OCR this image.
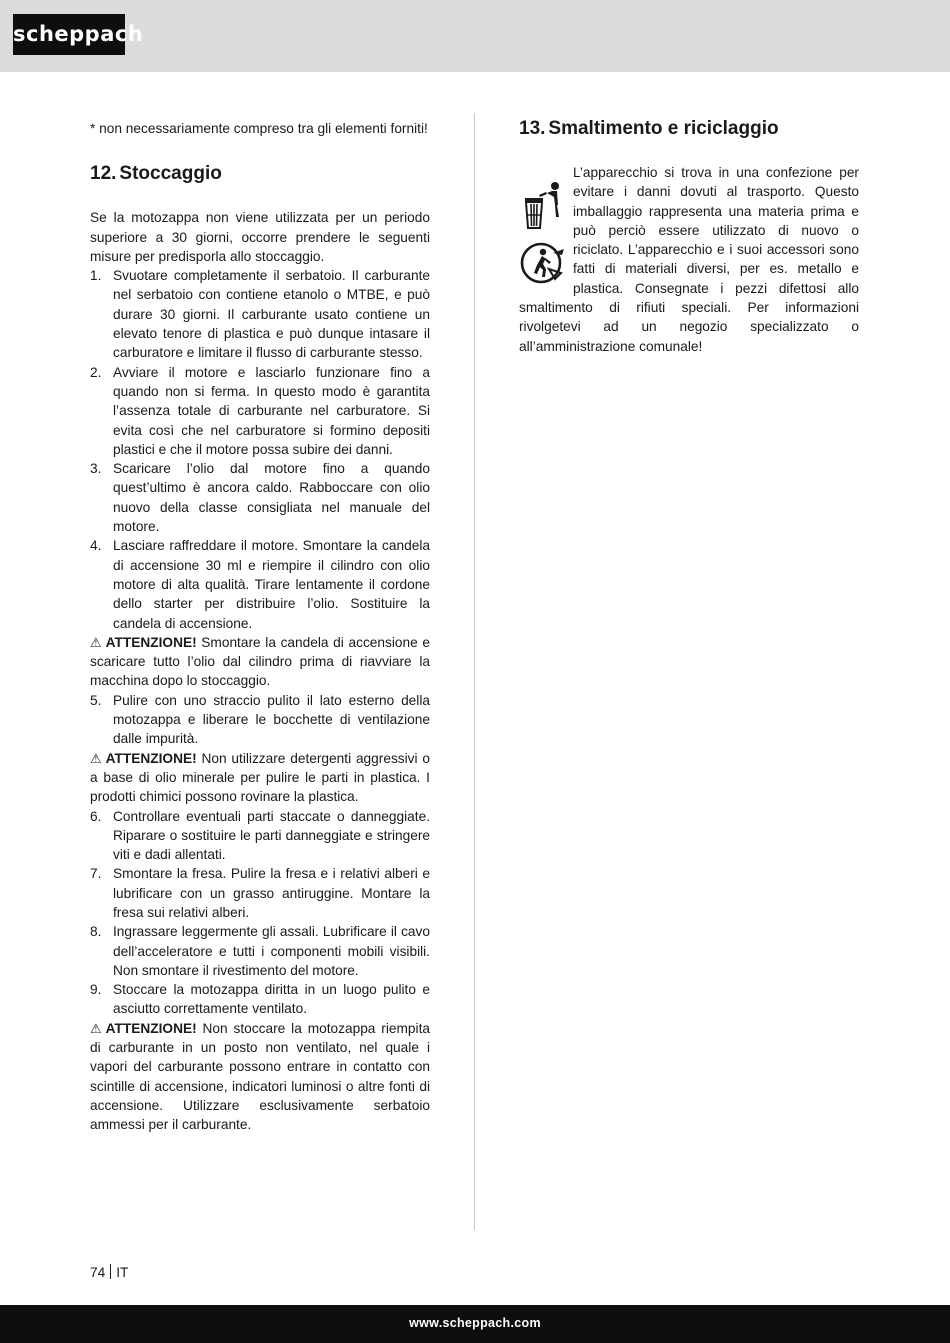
scheppach

* non necessariamente compreso tra gli elementi forniti!

12. Stoccaggio

Se la motozappa non viene utilizzata per un periodo superiore a 30 giorni, occorre prendere le seguenti misure per predisporla allo stoccaggio.

1. Svuotare completamente il serbatoio. Il carburante nel serbatoio con contiene etanolo o MTBE, e può durare 30 giorni. Il carburante usato contiene un elevato tenore di plastica e può dunque intasare il carburatore e limitare il flusso di carburante stesso.
2. Avviare il motore e lasciarlo funzionare fino a quando non si ferma. In questo modo è garantita l’assenza totale di carburante nel carburatore. Si evita così che nel carburatore si formino depositi plastici e che il motore possa subire dei danni.
3. Scaricare l’olio dal motore fino a quando quest’ultimo è ancora caldo. Rabboccare con olio nuovo della classe consigliata nel manuale del motore.
4. Lasciare raffreddare il motore. Smontare la candela di accensione 30 ml e riempire il cilindro con olio motore di alta qualità. Tirare lentamente il cordone dello starter per distribuire l’olio. Sostituire la candela di accensione.

⚠ ATTENZIONE! Smontare la candela di accensione e scaricare tutto l’olio dal cilindro prima di riavviare la macchina dopo lo stoccaggio.

5. Pulire con uno straccio pulito il lato esterno della motozappa e liberare le bocchette di ventilazione dalle impurità.

⚠ ATTENZIONE! Non utilizzare detergenti aggressivi o a base di olio minerale per pulire le parti in plastica. I prodotti chimici possono rovinare la plastica.

6. Controllare eventuali parti staccate o danneggiate. Riparare o sostituire le parti danneggiate e stringere viti e dadi allentati.
7. Smontare la fresa. Pulire la fresa e i relativi alberi e lubrificare con un grasso antiruggine. Montare la fresa sui relativi alberi.
8. Ingrassare leggermente gli assali. Lubrificare il cavo dell’acceleratore e tutti i componenti mobili visibili. Non smontare il rivestimento del motore.
9. Stoccare la motozappa diritta in un luogo pulito e asciutto correttamente ventilato.

⚠ ATTENZIONE! Non stoccare la motozappa riempita di carburante in un posto non ventilato, nel quale i vapori del carburante possono entrare in contatto con scintille di accensione, indicatori luminosi o altre fonti di accensione. Utilizzare esclusivamente serbatoio ammessi per il carburante.

13. Smaltimento e riciclaggio

L’apparecchio si trova in una confezione per evitare i danni dovuti al trasporto. Questo imballaggio rappresenta una materia prima e può perciò essere utilizzato di nuovo o riciclato. L’apparecchio e i suoi accessori sono fatti di materiali diversi, per es. metallo e plastica. Consegnate i pezzi difettosi allo smaltimento di rifiuti speciali. Per informazioni rivolgetevi ad un negozio specializzato o all’amministrazione comunale!

74 IT
www.scheppach.com
